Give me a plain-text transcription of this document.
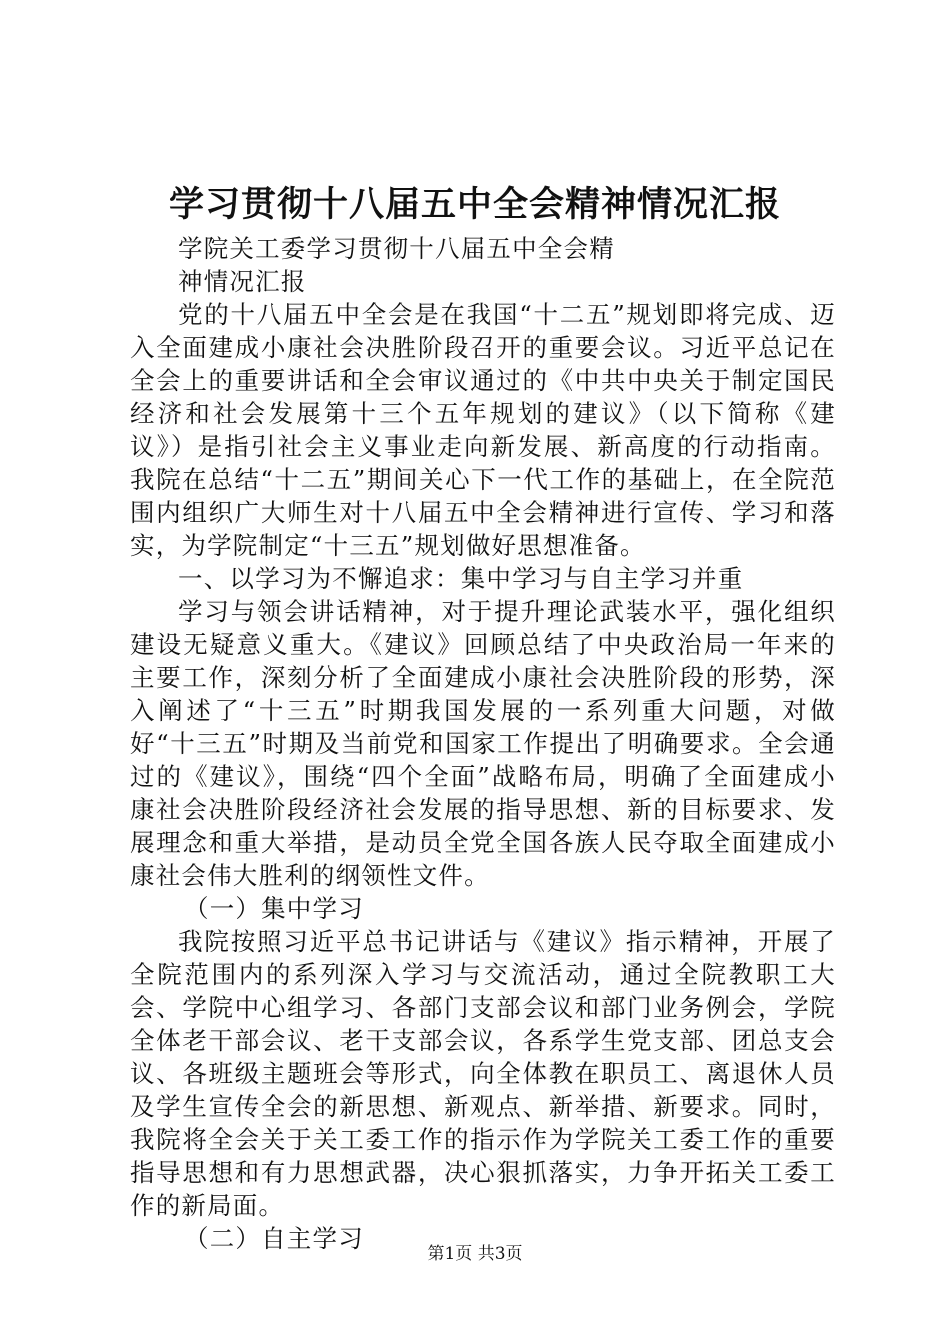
学习贯彻十八届五中全会精神情况汇报

学院关工委学习贯彻十八届五中全会精

神情况汇报

党的十八届五中全会是在我国“十二五”规划即将完成、迈入全面建成小康社会决胜阶段召开的重要会议。习近平总记在全会上的重要讲话和全会审议通过的《中共中央关于制定国民经济和社会发展第十三个五年规划的建议》（以下简称《建议》）是指引社会主义事业走向新发展、新高度的行动指南。我院在总结“十二五”期间关心下一代工作的基础上，在全院范围内组织广大师生对十八届五中全会精神进行宣传、学习和落实，为学院制定“十三五”规划做好思想准备。

一、以学习为不懈追求：集中学习与自主学习并重

学习与领会讲话精神，对于提升理论武装水平，强化组织建设无疑意义重大。《建议》回顾总结了中央政治局一年来的主要工作，深刻分析了全面建成小康社会决胜阶段的形势，深入阐述了“十三五”时期我国发展的一系列重大问题，对做好“十三五”时期及当前党和国家工作提出了明确要求。全会通过的《建议》，围绕“四个全面”战略布局，明确了全面建成小康社会决胜阶段经济社会发展的指导思想、新的目标要求、发展理念和重大举措，是动员全党全国各族人民夺取全面建成小康社会伟大胜利的纲领性文件。

（一）集中学习

我院按照习近平总书记讲话与《建议》指示精神，开展了全院范围内的系列深入学习与交流活动，通过全院教职工大会、学院中心组学习、各部门支部会议和部门业务例会，学院全体老干部会议、老干支部会议，各系学生党支部、团总支会议、各班级主题班会等形式，向全体教在职员工、离退休人员及学生宣传全会的新思想、新观点、新举措、新要求。同时，我院将全会关于关工委工作的指示作为学院关工委工作的重要指导思想和有力思想武器，决心狠抓落实，力争开拓关工委工作的新局面。

（二）自主学习

第1页 共3页
